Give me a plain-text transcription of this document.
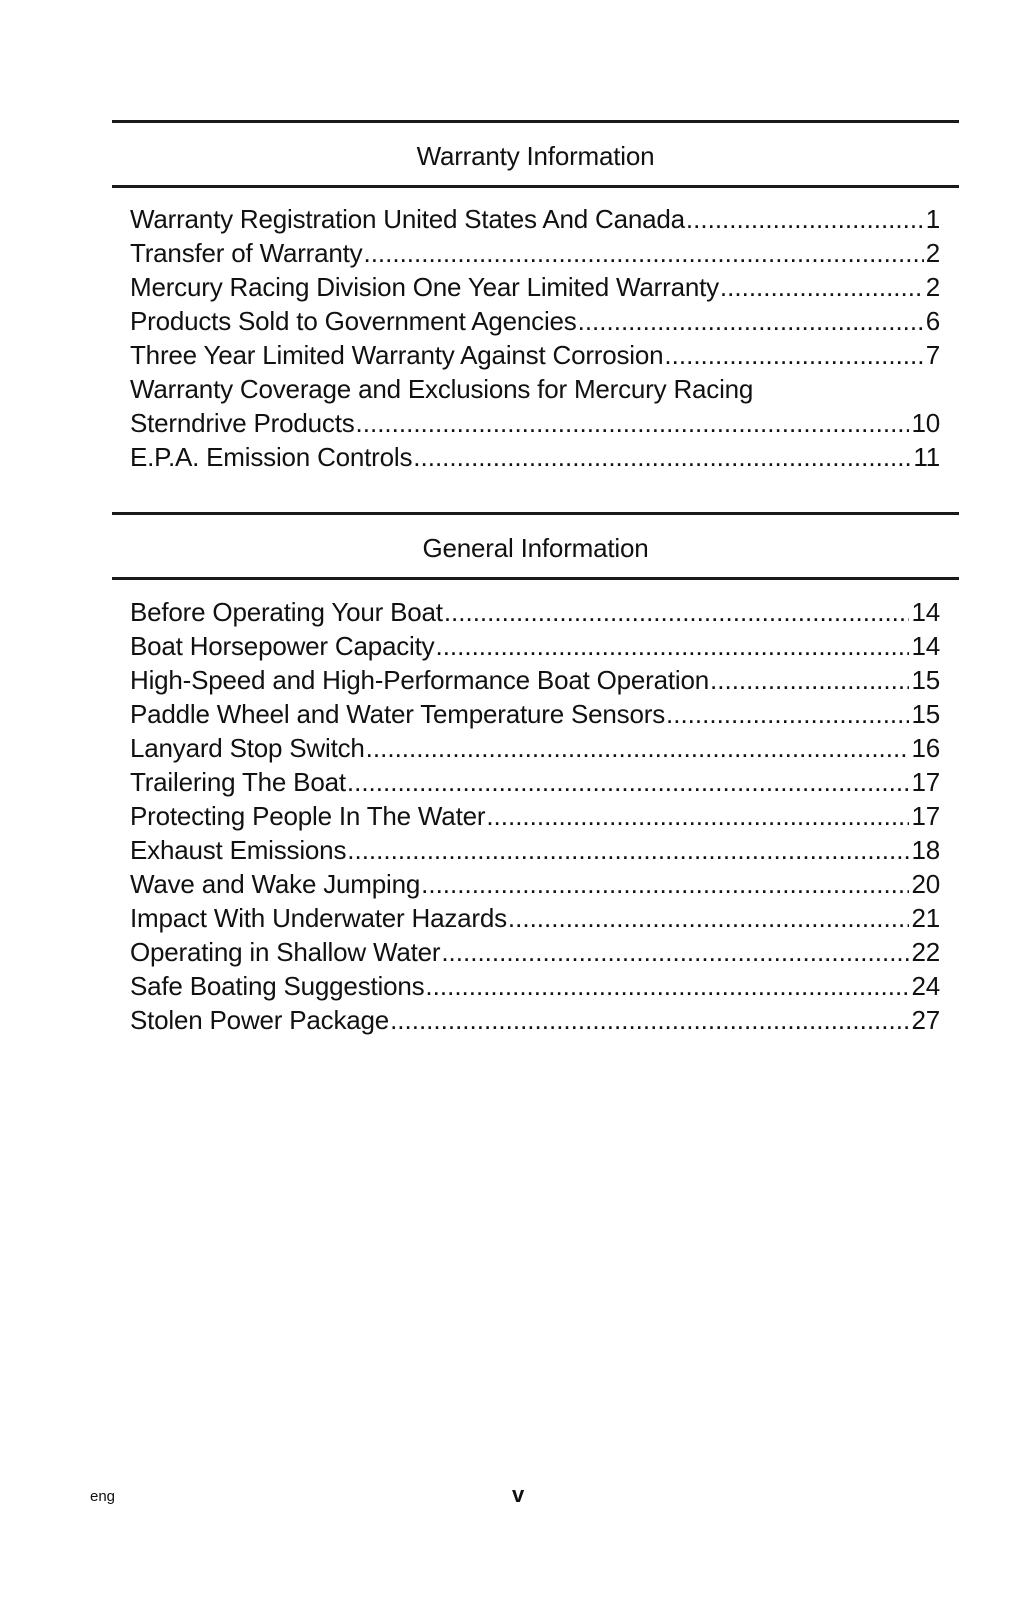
Warranty Information
Warranty Registration United States And Canada .....	1
Transfer of Warranty .....	2
Mercury Racing Division One Year Limited Warranty .....	2
Products Sold to Government Agencies .....	6
Three Year Limited Warranty Against Corrosion .....	7
Warranty Coverage and Exclusions for Mercury Racing
Sterndrive Products .....	10
E.P.A. Emission Controls .....	11
General Information
Before Operating Your Boat .....	14
Boat Horsepower Capacity .....	14
High-Speed and High-Performance Boat Operation .....	15
Paddle Wheel and Water Temperature Sensors .....	15
Lanyard Stop Switch .....	16
Trailering The Boat .....	17
Protecting People In The Water .....	17
Exhaust Emissions .....	18
Wave and Wake Jumping .....	20
Impact With Underwater Hazards .....	21
Operating in Shallow Water .....	22
Safe Boating Suggestions .....	24
Stolen Power Package .....	27
eng	v
